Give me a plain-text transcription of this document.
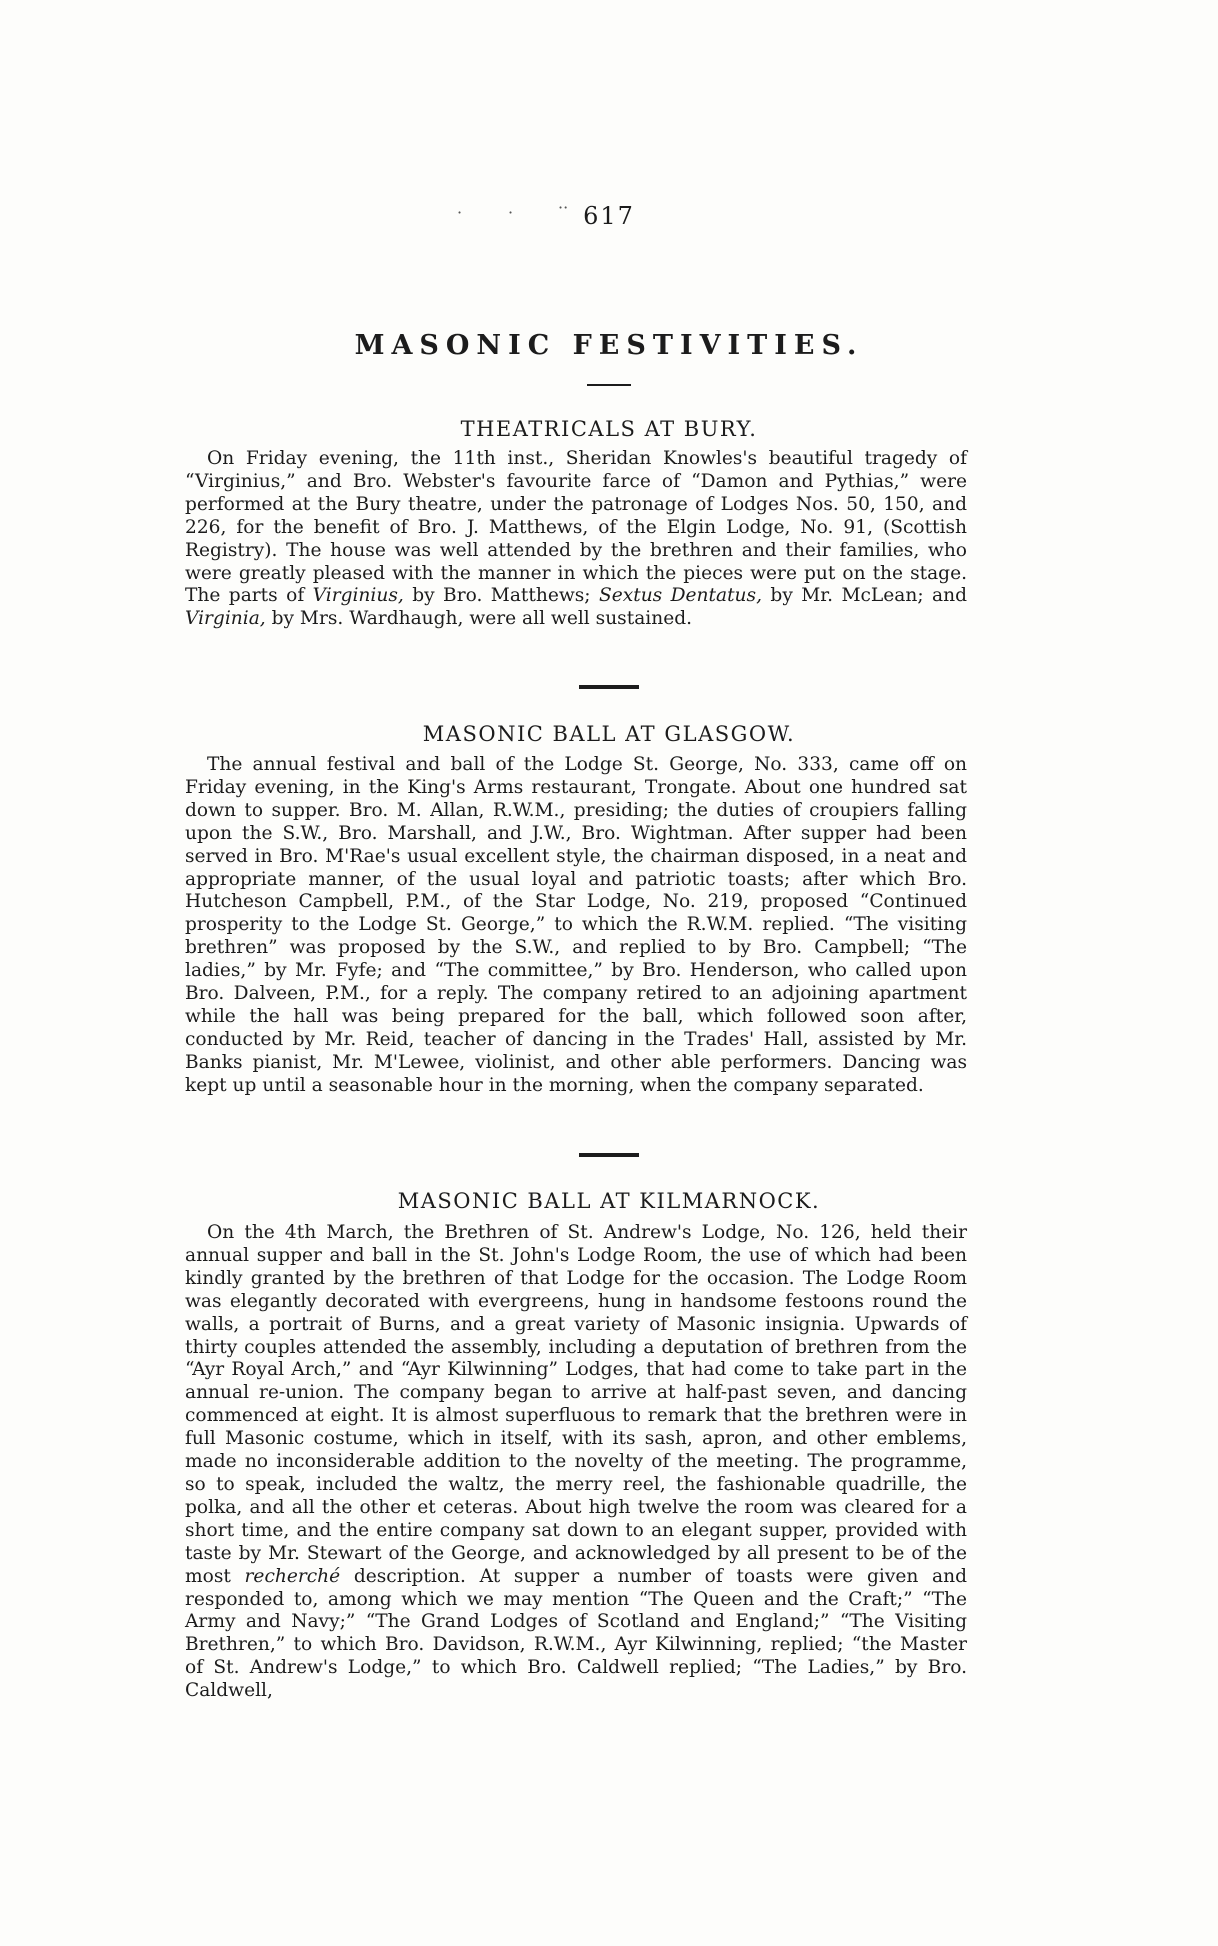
·	·	·· 617
MASONIC FESTIVITIES.
THEATRICALS AT BURY.

On Friday evening, the 11th inst., Sheridan Knowles's beautiful tragedy of “Virginius,” and Bro. Webster's favourite farce of “Damon and Pythias,” were performed at the Bury theatre, under the patronage of Lodges Nos. 50, 150, and 226, for the benefit of Bro. J. Matthews, of the Elgin Lodge, No. 91, (Scottish Registry). The house was well attended by the brethren and their families, who were greatly pleased with the manner in which the pieces were put on the stage. The parts of Virginius, by Bro. Matthews; Sextus Dentatus, by Mr. McLean; and Virginia, by Mrs. Wardhaugh, were all well sustained.

MASONIC BALL AT GLASGOW.

The annual festival and ball of the Lodge St. George, No. 333, came off on Friday evening, in the King's Arms restaurant, Trongate. About one hundred sat down to supper. Bro. M. Allan, R.W.M., presiding; the duties of croupiers falling upon the S.W., Bro. Marshall, and J.W., Bro. Wightman. After supper had been served in Bro. M'Rae's usual excellent style, the chairman disposed, in a neat and appropriate manner, of the usual loyal and patriotic toasts; after which Bro. Hutcheson Campbell, P.M., of the Star Lodge, No. 219, proposed “Continued prosperity to the Lodge St. George,” to which the R.W.M. replied. “The visiting brethren” was proposed by the S.W., and replied to by Bro. Campbell; “The ladies,” by Mr. Fyfe; and “The committee,” by Bro. Henderson, who called upon Bro. Dalveen, P.M., for a reply. The company retired to an adjoining apartment while the hall was being prepared for the ball, which followed soon after, conducted by Mr. Reid, teacher of dancing in the Trades' Hall, assisted by Mr. Banks pianist, Mr. M'Lewee, violinist, and other able performers. Dancing was kept up until a seasonable hour in the morning, when the company separated.

MASONIC BALL AT KILMARNOCK.

On the 4th March, the Brethren of St. Andrew's Lodge, No. 126, held their annual supper and ball in the St. John's Lodge Room, the use of which had been kindly granted by the brethren of that Lodge for the occasion. The Lodge Room was elegantly decorated with evergreens, hung in handsome festoons round the walls, a portrait of Burns, and a great variety of Masonic insignia. Upwards of thirty couples attended the assembly, including a deputation of brethren from the “Ayr Royal Arch,” and “Ayr Kilwinning” Lodges, that had come to take part in the annual re-union. The company began to arrive at half-past seven, and dancing commenced at eight. It is almost superfluous to remark that the brethren were in full Masonic costume, which in itself, with its sash, apron, and other emblems, made no inconsiderable addition to the novelty of the meeting. The programme, so to speak, included the waltz, the merry reel, the fashionable quadrille, the polka, and all the other et ceteras. About high twelve the room was cleared for a short time, and the entire company sat down to an elegant supper, provided with taste by Mr. Stewart of the George, and acknowledged by all present to be of the most recherché description. At supper a number of toasts were given and responded to, among which we may mention “The Queen and the Craft;” “The Army and Navy;” “The Grand Lodges of Scotland and England;” “The Visiting Brethren,” to which Bro. Davidson, R.W.M., Ayr Kilwinning, replied; “the Master of St. Andrew's Lodge,” to which Bro. Caldwell replied; “The Ladies,” by Bro. Caldwell,
